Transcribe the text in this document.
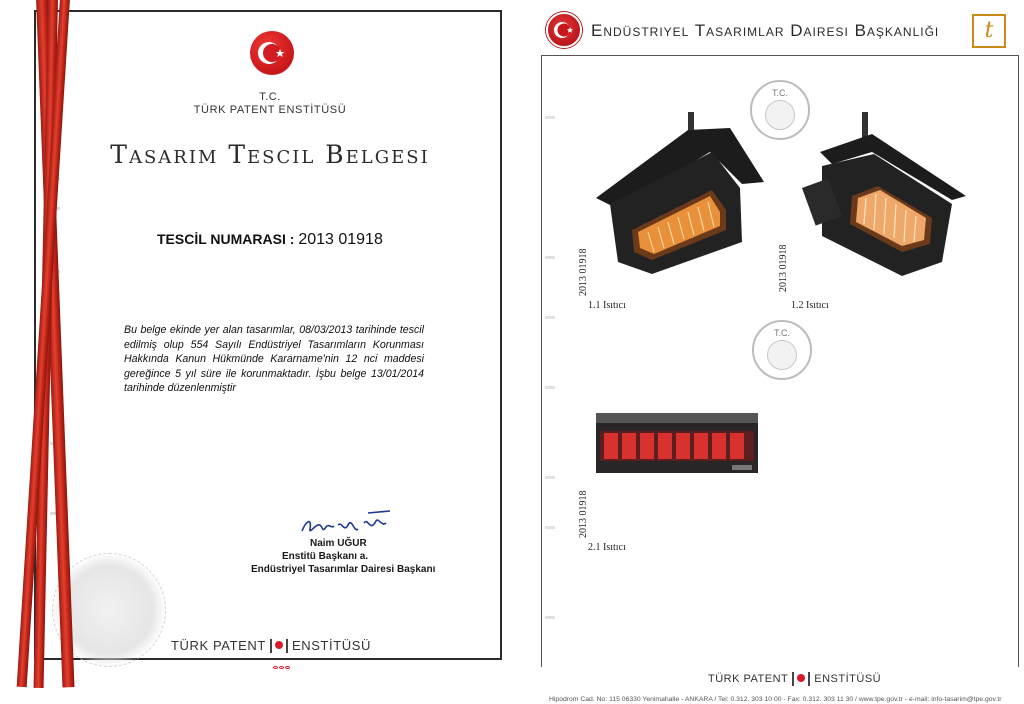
T.C.
TÜRK PATENT ENSTİTÜSÜ
Tasarım Tescil Belgesi
TESCİL NUMARASI : 2013 01918
Bu belge ekinde yer alan tasarımlar, 08/03/2013 tarihinde tescil edilmiş olup 554 Sayılı Endüstriyel Tasarımların Korunması Hakkında Kanun Hükmünde Kararname'nin 12 nci maddesi gereğince 5 yıl süre ile korunmaktadır. İşbu belge 13/01/2014 tarihinde düzenlenmiştir
Naim UĞUR
Enstitü Başkanı a.
Endüstriyel Tasarımlar Dairesi Başkanı
TÜRK PATENT ENSTİTÜSÜ
Endüstriyel Tasarımlar Dairesi Başkanlığı	t
T.C.
T.C.
2013 01918
1.1 Isıtıcı
2013 01918
1.2 Isıtıcı
2013 01918
2.1 Isıtıcı
TÜRK PATENT ENSTİTÜSÜ
Hipodrom Cad. No: 115 06330 Yenimahalle - ANKARA / Tel: 0.312. 303 10 00 - Fax: 0.312. 303 11 30 / www.tpe.gov.tr - e-mail: info-tasarim@tpe.gov.tr
